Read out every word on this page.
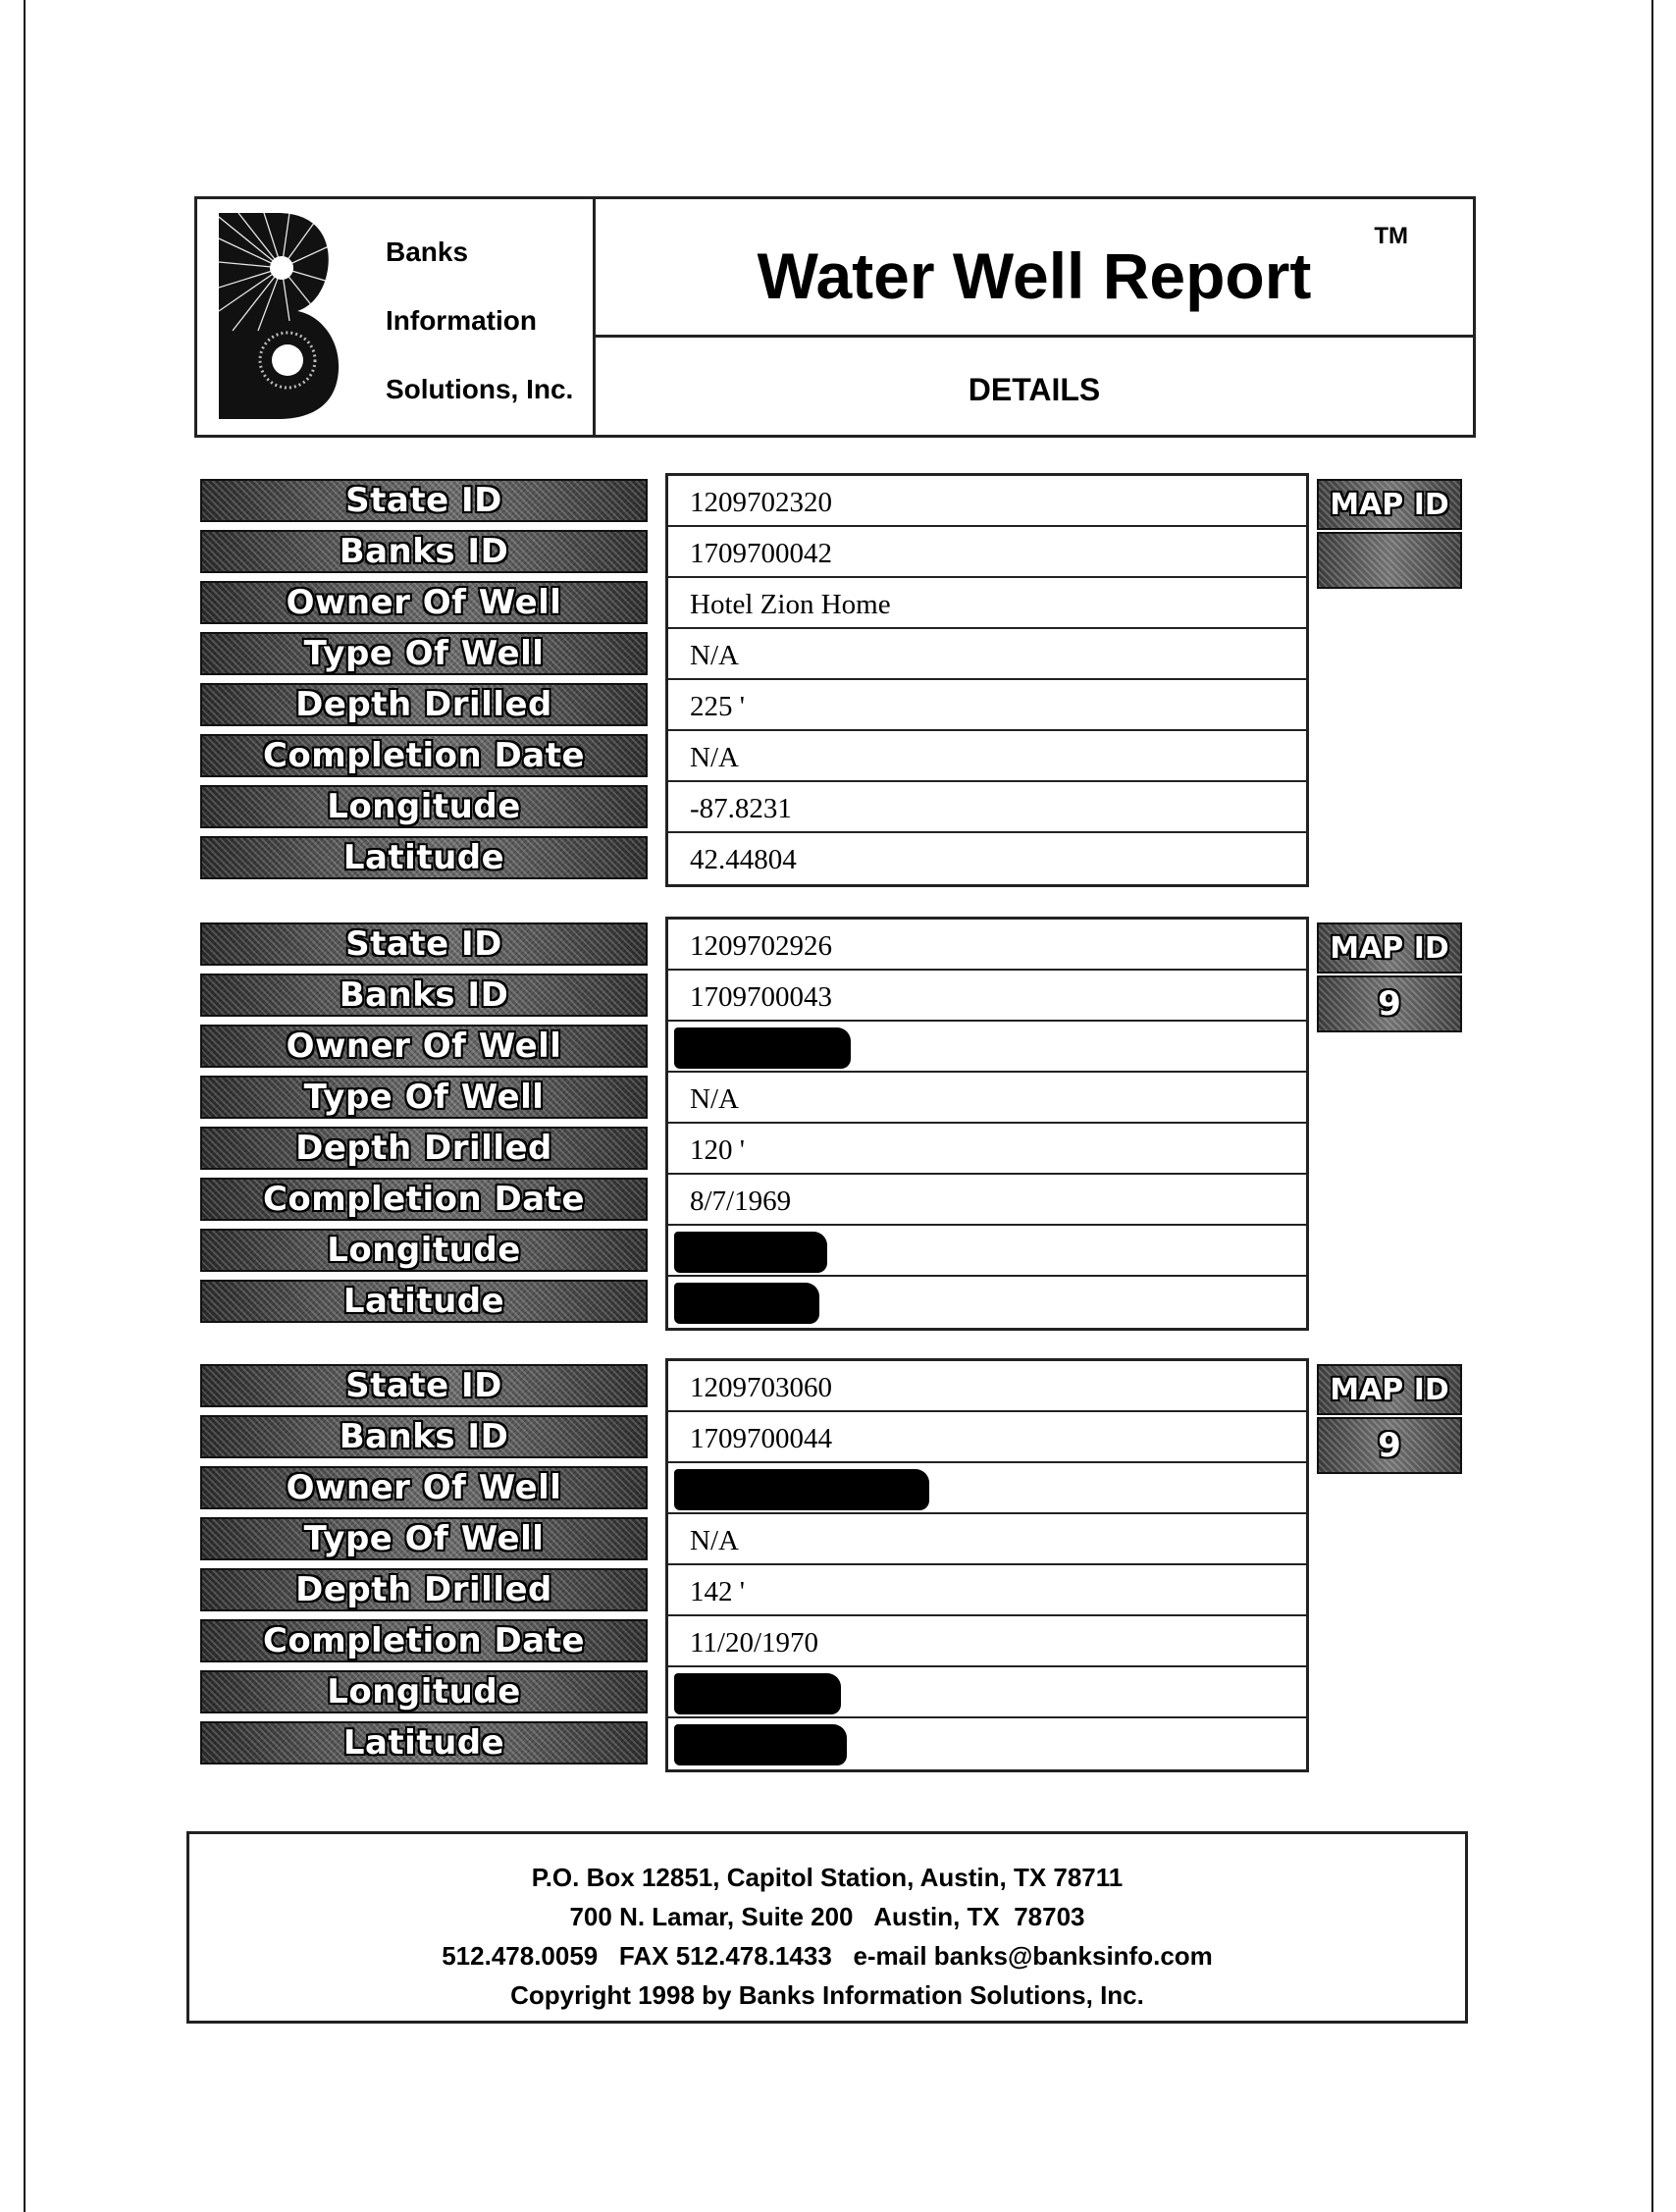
Banks
Information
Solutions, Inc.
Water Well Report
TM
DETAILS
State ID
Banks ID
Owner Of Well
Type Of Well
Depth Drilled
Completion Date
Longitude
Latitude
1209702320
1709700042
Hotel Zion Home
N/A
225 '
N/A
-87.8231
42.44804
MAP ID
State ID
Banks ID
Owner Of Well
Type Of Well
Depth Drilled
Completion Date
Longitude
Latitude
1209702926
1709700043
N/A
120 '
8/7/1969
MAP ID
9
State ID
Banks ID
Owner Of Well
Type Of Well
Depth Drilled
Completion Date
Longitude
Latitude
1209703060
1709700044
N/A
142 '
11/20/1970
MAP ID
9
P.O. Box 12851, Capitol Station, Austin, TX 78711
700 N. Lamar, Suite 200   Austin, TX  78703
512.478.0059   FAX 512.478.1433   e-mail banks@banksinfo.com
Copyright 1998 by Banks Information Solutions, Inc.
